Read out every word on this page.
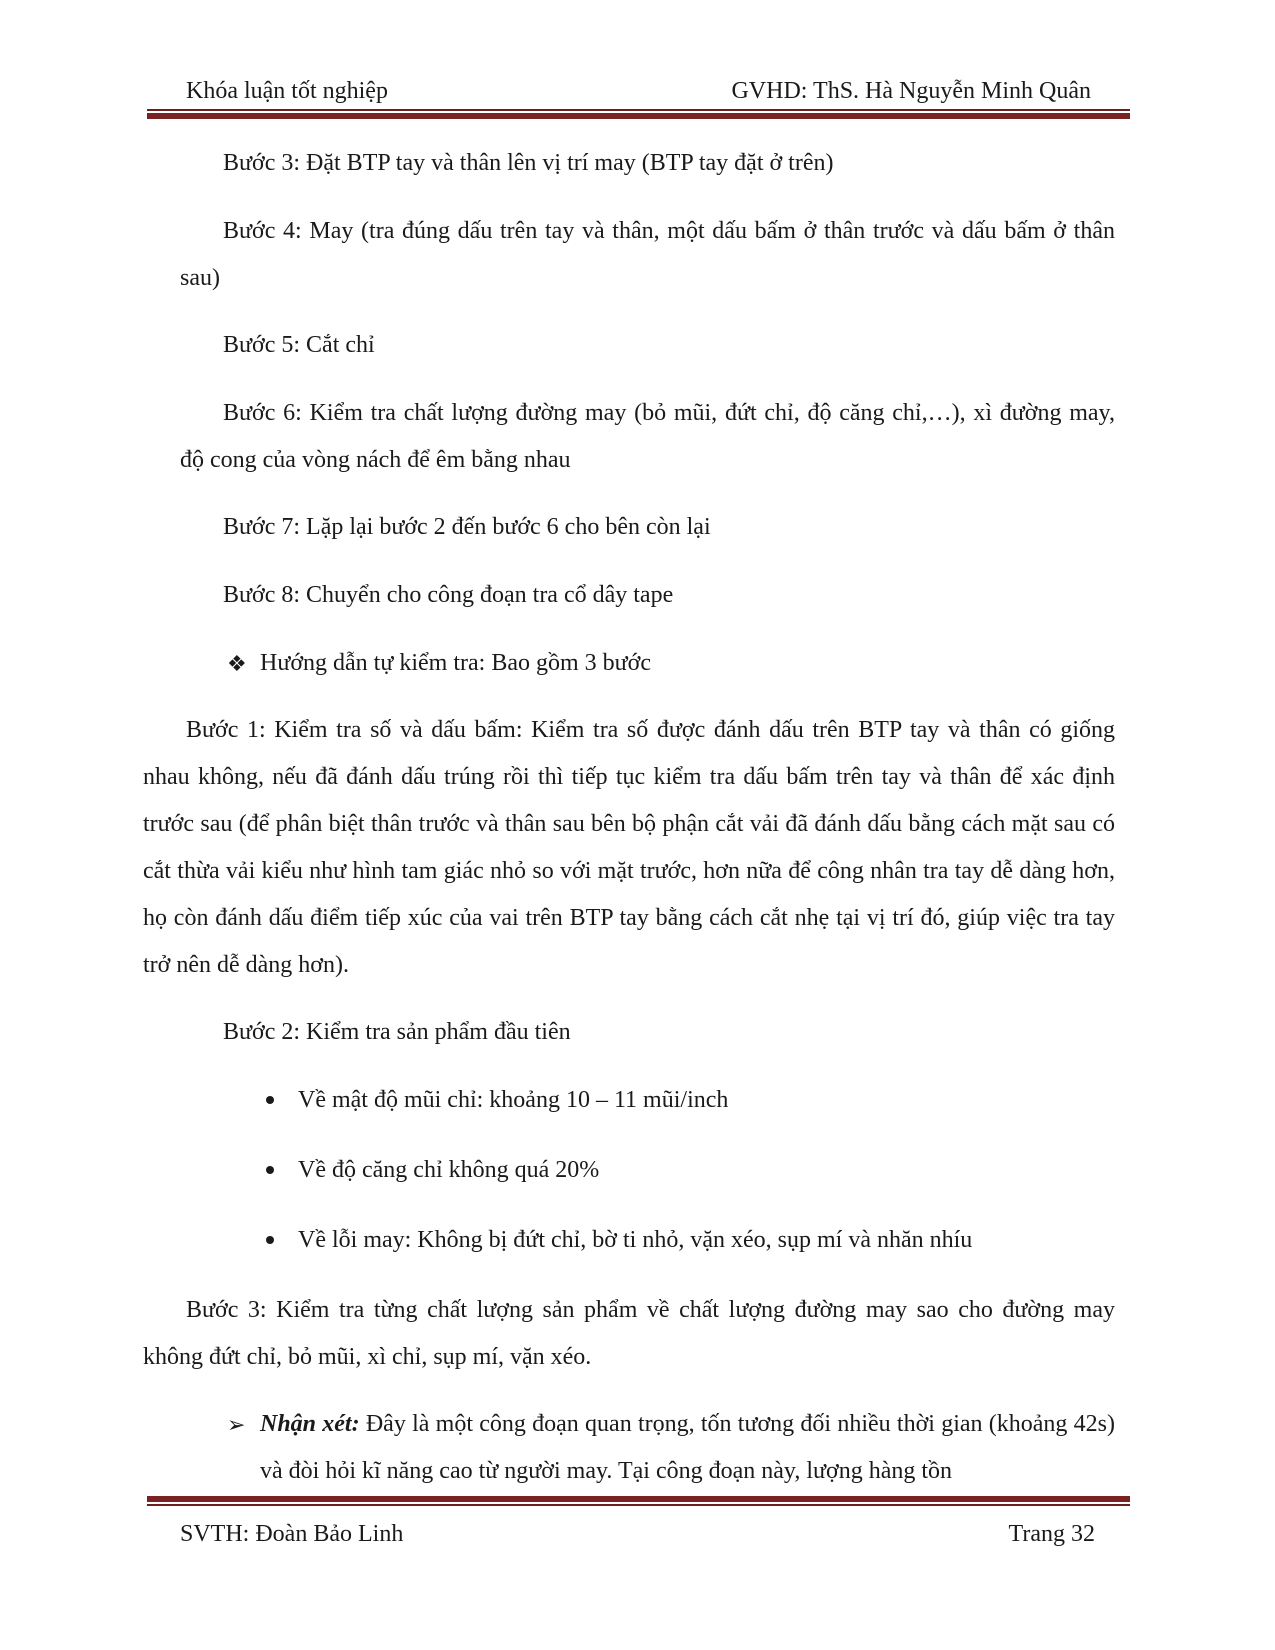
Khóa luận tốt nghiệp	GVHD: ThS. Hà Nguyễn Minh Quân

Bước 3: Đặt BTP tay và thân lên vị trí may (BTP tay đặt ở trên)

Bước 4: May (tra đúng dấu trên tay và thân, một dấu bấm ở thân trước và dấu bấm ở thân sau)

Bước 5: Cắt chỉ

Bước 6: Kiểm tra chất lượng đường may (bỏ mũi, đứt chỉ, độ căng chỉ,…), xì đường may, độ cong của vòng nách để êm bằng nhau

Bước 7: Lặp lại bước 2 đến bước 6 cho bên còn lại

Bước 8: Chuyển cho công đoạn tra cổ dây tape

❖ Hướng dẫn tự kiểm tra: Bao gồm 3 bước

Bước 1: Kiểm tra số và dấu bấm: Kiểm tra số được đánh dấu trên BTP tay và thân có giống nhau không, nếu đã đánh dấu trúng rồi thì tiếp tục kiểm tra dấu bấm trên tay và thân để xác định trước sau (để phân biệt thân trước và thân sau bên bộ phận cắt vải đã đánh dấu bằng cách mặt sau có cắt thừa vải kiểu như hình tam giác nhỏ so với mặt trước, hơn nữa để công nhân tra tay dễ dàng hơn, họ còn đánh dấu điểm tiếp xúc của vai trên BTP tay bằng cách cắt nhẹ tại vị trí đó, giúp việc tra tay trở nên dễ dàng hơn).

Bước 2: Kiểm tra sản phẩm đầu tiên

Về mật độ mũi chỉ: khoảng 10 – 11 mũi/inch
Về độ căng chỉ không quá 20%
Về lỗi may: Không bị đứt chỉ, bờ ti nhỏ, vặn xéo, sụp mí và nhăn nhíu

Bước 3: Kiểm tra từng chất lượng sản phẩm về chất lượng đường may sao cho đường may không đứt chỉ, bỏ mũi, xì chỉ, sụp mí, vặn xéo.

➢ Nhận xét: Đây là một công đoạn quan trọng, tốn tương đối nhiều thời gian (khoảng 42s) và đòi hỏi kĩ năng cao từ người may. Tại công đoạn này, lượng hàng tồn

SVTH: Đoàn Bảo Linh	Trang 32
